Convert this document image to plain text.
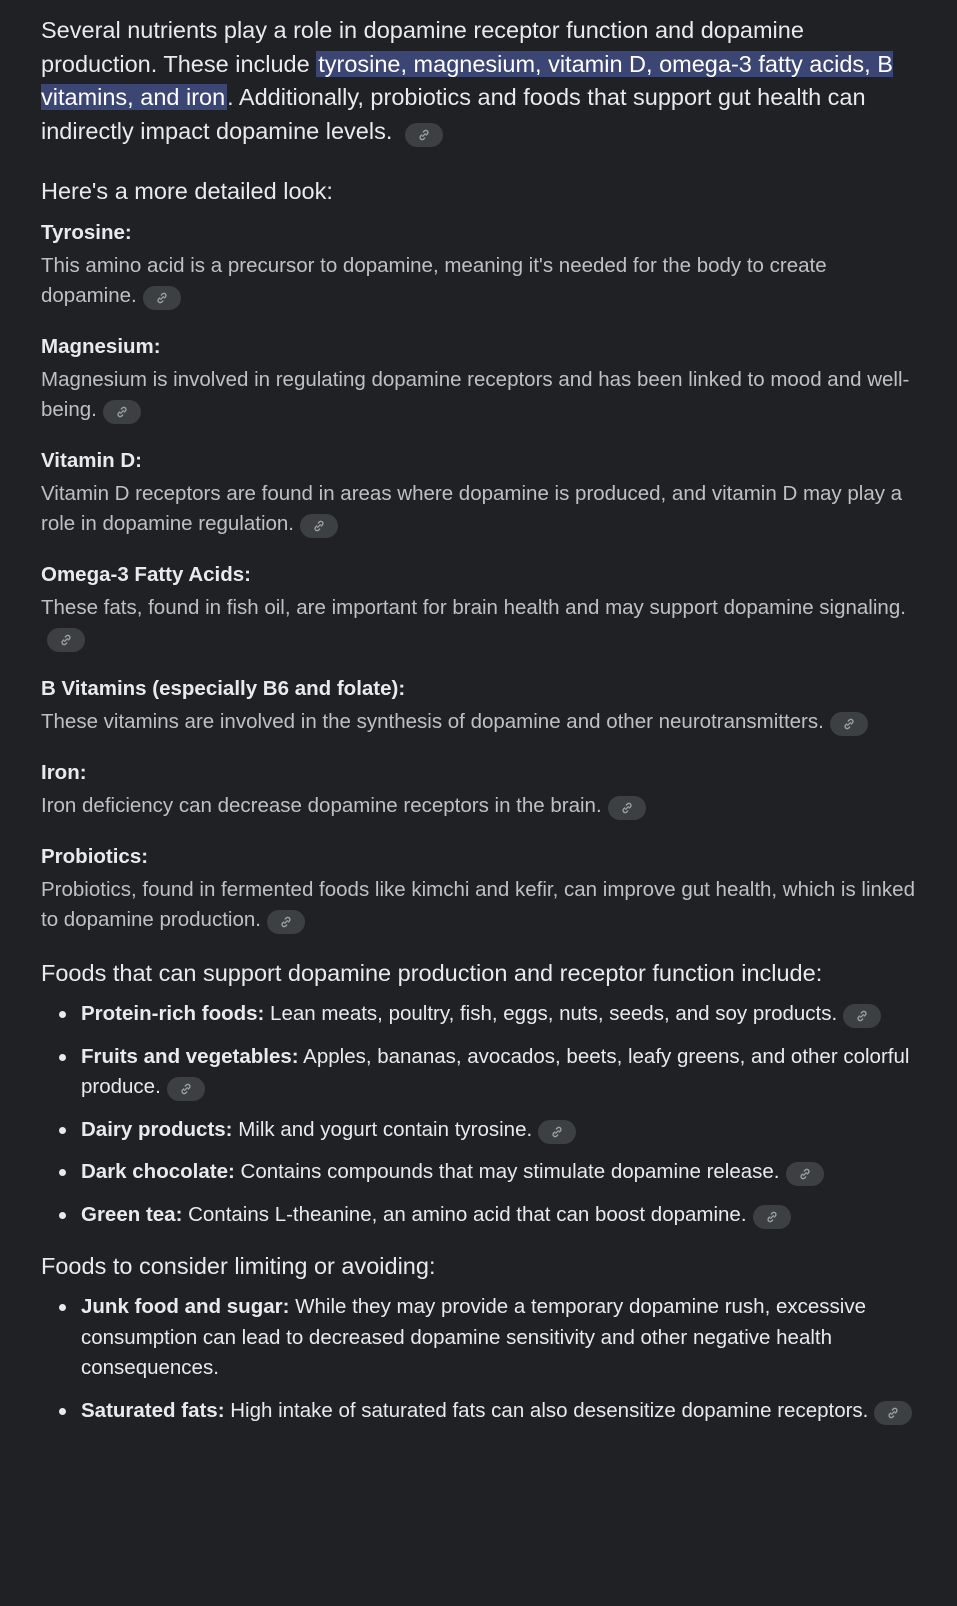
Several nutrients play a role in dopamine receptor function and dopamine production. These include tyrosine, magnesium, vitamin D, omega-3 fatty acids, B vitamins, and iron. Additionally, probiotics and foods that support gut health can indirectly impact dopamine levels.

Here's a more detailed look:
Tyrosine:
This amino acid is a precursor to dopamine, meaning it's needed for the body to create dopamine.
Magnesium:
Magnesium is involved in regulating dopamine receptors and has been linked to mood and well-being.
Vitamin D:
Vitamin D receptors are found in areas where dopamine is produced, and vitamin D may play a role in dopamine regulation.
Omega-3 Fatty Acids:
These fats, found in fish oil, are important for brain health and may support dopamine signaling.
B Vitamins (especially B6 and folate):
These vitamins are involved in the synthesis of dopamine and other neurotransmitters.
Iron:
Iron deficiency can decrease dopamine receptors in the brain.
Probiotics:
Probiotics, found in fermented foods like kimchi and kefir, can improve gut health, which is linked to dopamine production.
Foods that can support dopamine production and receptor function include:
Protein-rich foods: Lean meats, poultry, fish, eggs, nuts, seeds, and soy products.
Fruits and vegetables: Apples, bananas, avocados, beets, leafy greens, and other colorful produce.
Dairy products: Milk and yogurt contain tyrosine.
Dark chocolate: Contains compounds that may stimulate dopamine release.
Green tea: Contains L-theanine, an amino acid that can boost dopamine.
Foods to consider limiting or avoiding:
Junk food and sugar: While they may provide a temporary dopamine rush, excessive consumption can lead to decreased dopamine sensitivity and other negative health consequences.
Saturated fats: High intake of saturated fats can also desensitize dopamine receptors.
